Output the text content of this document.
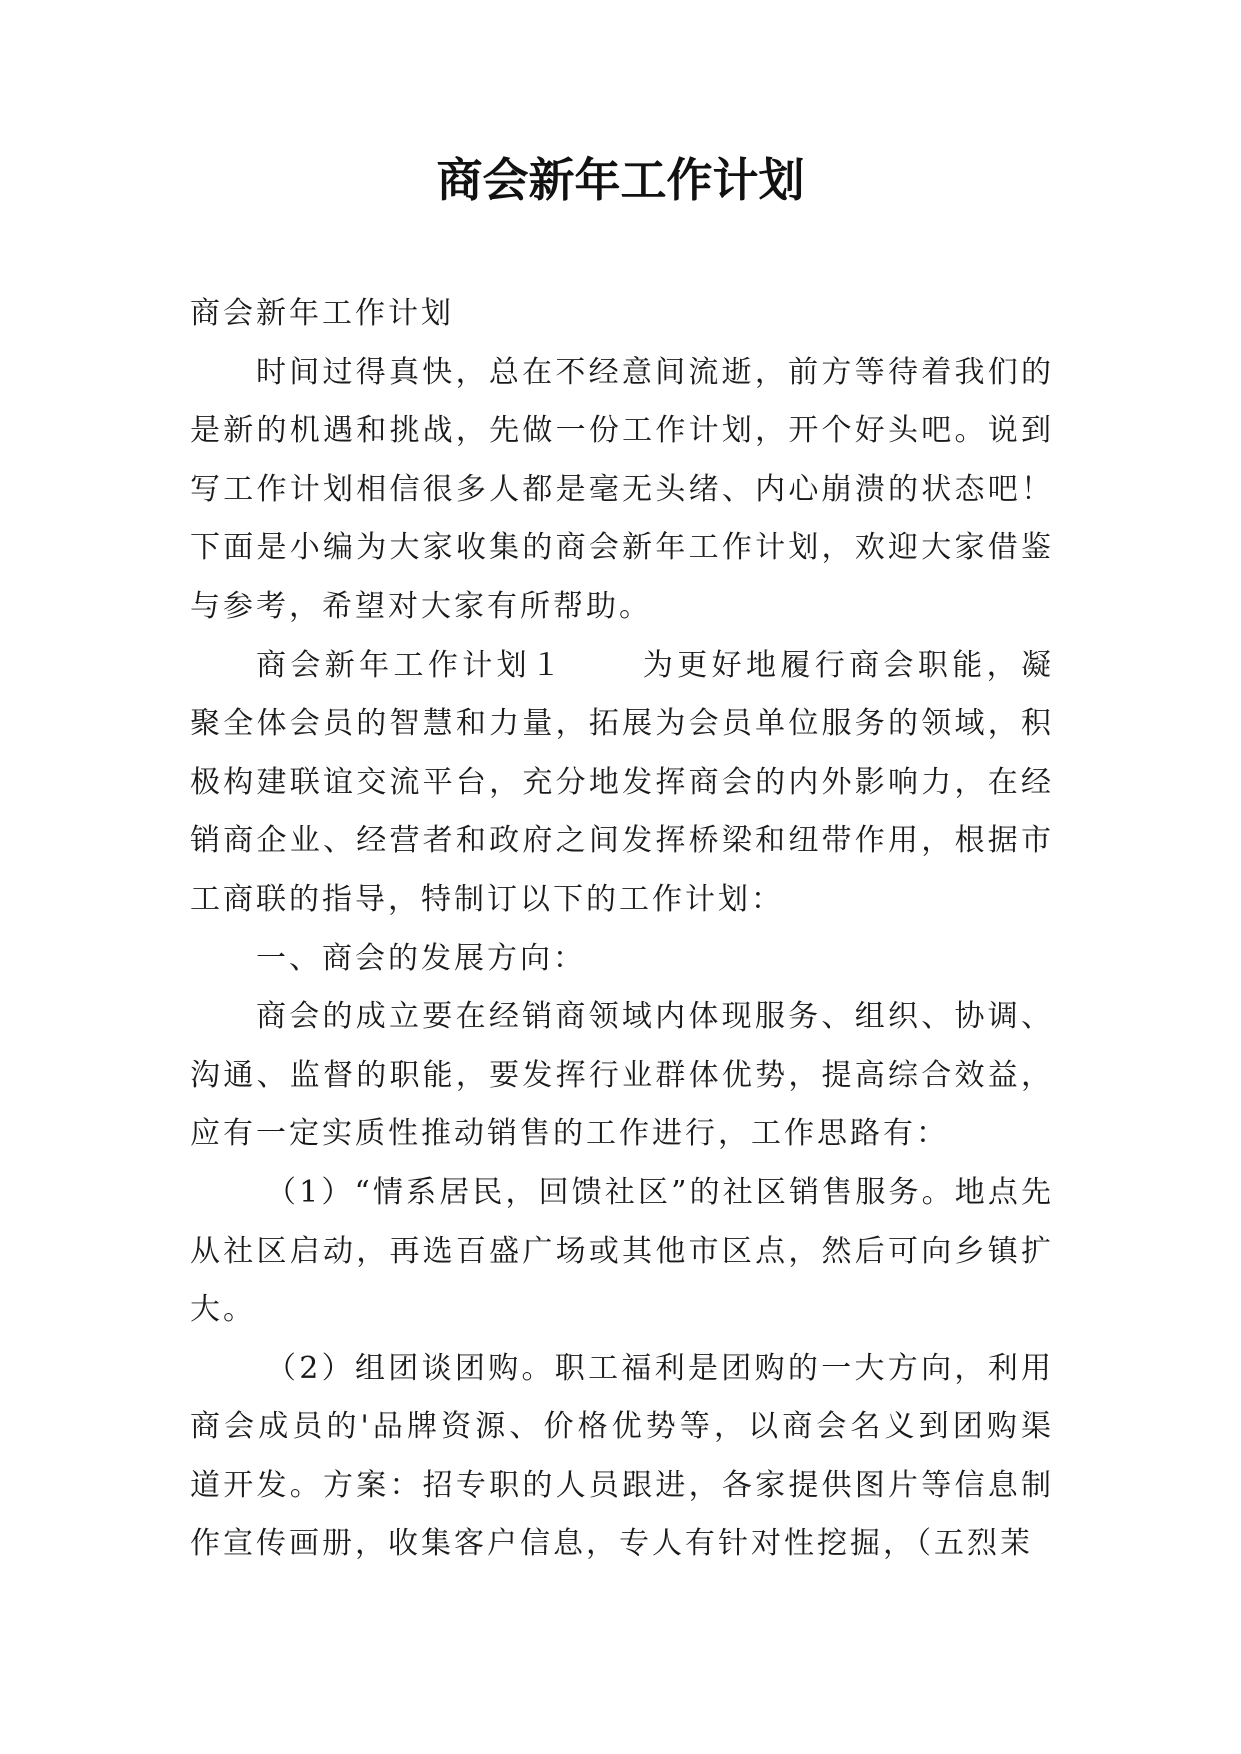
商会新年工作计划

商会新年工作计划

时间过得真快，总在不经意间流逝，前方等待着我们的是新的机遇和挑战，先做一份工作计划，开个好头吧。说到写工作计划相信很多人都是毫无头绪、内心崩溃的状态吧！下面是小编为大家收集的商会新年工作计划，欢迎大家借鉴与参考，希望对大家有所帮助。

商会新年工作计划１	为更好地履行商会职能，凝聚全体会员的智慧和力量，拓展为会员单位服务的领域，积极构建联谊交流平台，充分地发挥商会的内外影响力，在经销商企业、经营者和政府之间发挥桥梁和纽带作用，根据市工商联的指导，特制订以下的工作计划：

一、商会的发展方向：

商会的成立要在经销商领域内体现服务、组织、协调、沟通、监督的职能，要发挥行业群体优势，提高综合效益，应有一定实质性推动销售的工作进行，工作思路有：

（1）“情系居民，回馈社区”的社区销售服务。地点先从社区启动，再选百盛广场或其他市区点，然后可向乡镇扩大。

（2）组团谈团购。职工福利是团购的一大方向，利用商会成员的'品牌资源、价格优势等，以商会名义到团购渠道开发。方案：招专职的人员跟进，各家提供图片等信息制作宣传画册，收集客户信息，专人有针对性挖掘，（五烈茉
